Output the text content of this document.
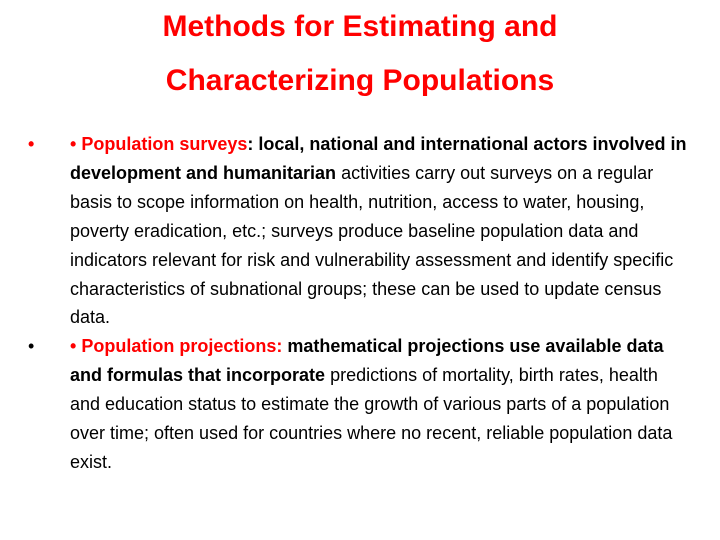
Methods for Estimating and
Characterizing Populations
•	• Population surveys: local, national and international actors involved in development and humanitarian activities carry out surveys on a regular basis to scope information on health, nutrition, access to water, housing, poverty eradication, etc.; surveys produce baseline population data and indicators relevant for risk and vulnerability assessment and identify specific characteristics of subnational groups; these can be used to update census data.
•	• Population projections: mathematical projections use available data and formulas that incorporate predictions of mortality, birth rates, health and education status to estimate the growth of various parts of a population over time; often used for countries where no recent, reliable population data exist.
